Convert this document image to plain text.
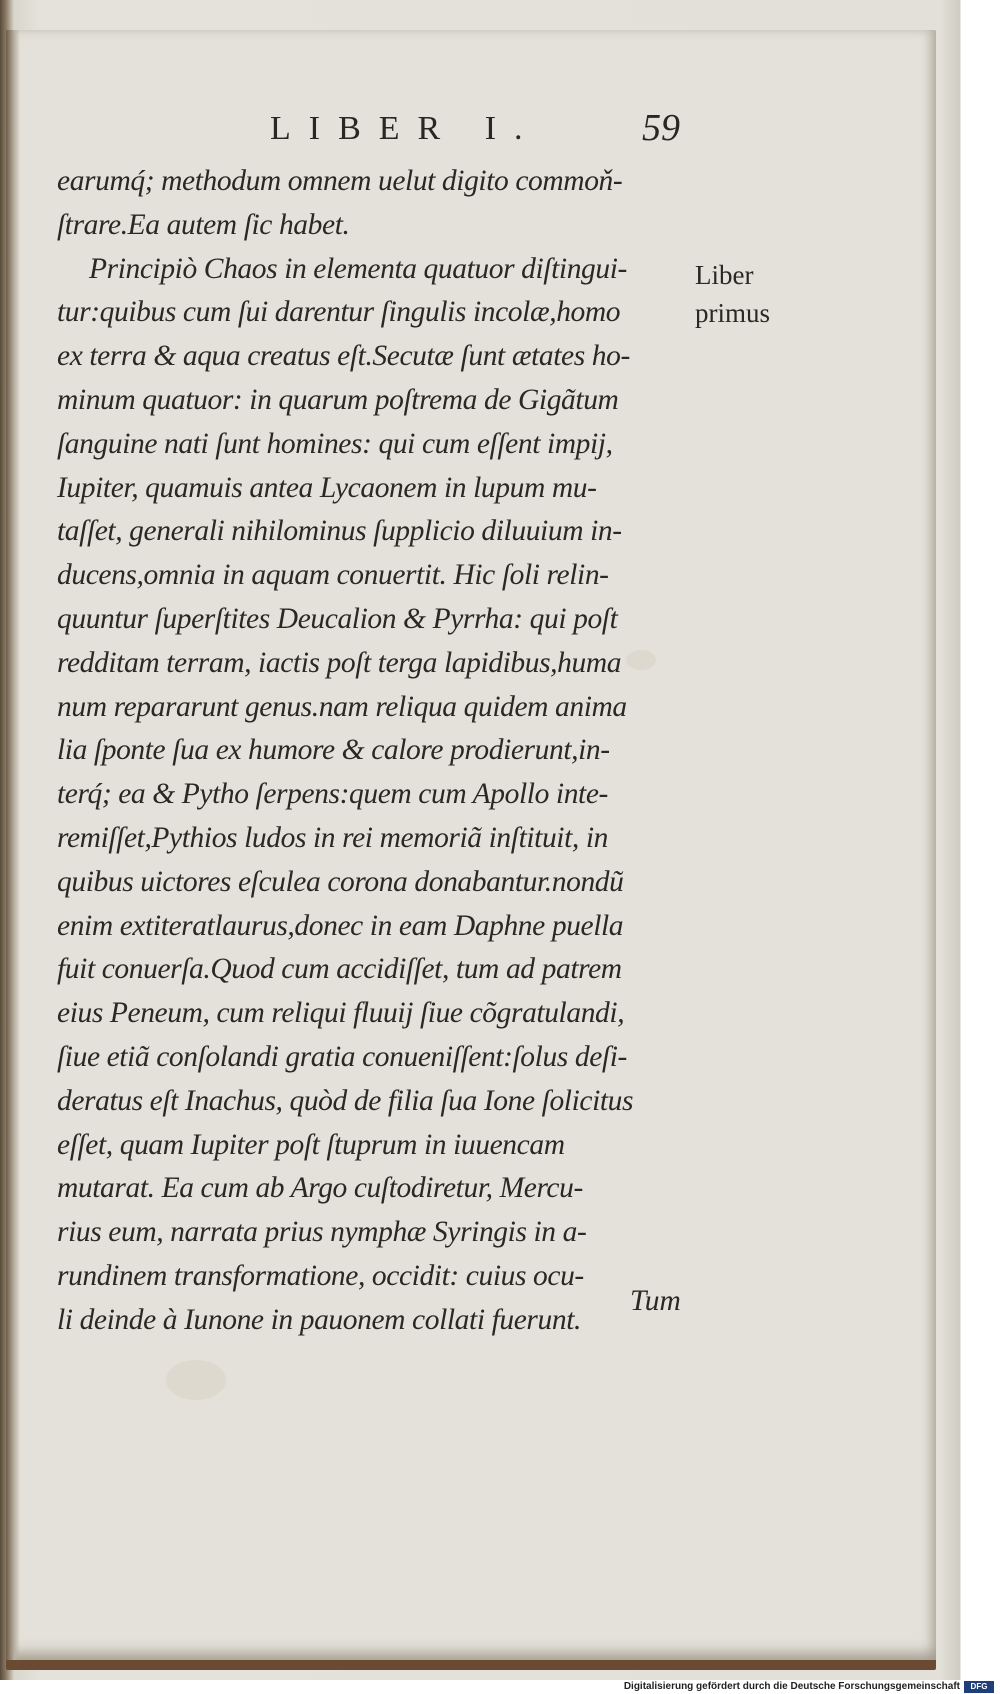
LIBER I.	59
earumq́; methodum omnem uelut digito commoň-
ſtrare.Ea autem ſic habet.
Principiò Chaos in elementa quatuor diſtingui-
tur:quibus cum ſui darentur ſingulis incolæ,homo
ex terra & aqua creatus eſt.Secutæ ſunt ætates ho-
minum quatuor: in quarum poſtrema de Gigãtum
ſanguine nati ſunt homines: qui cum eſſent impij,
Iupiter, quamuis antea Lycaonem in lupum mu-
taſſet, generali nihilominus ſupplicio diluuium in-
ducens,omnia in aquam conuertit. Hic ſoli relin-
quuntur ſuperſtites Deucalion & Pyrrha: qui poſt
redditam terram, iactis poſt terga lapidibus,huma
num repararunt genus.nam reliqua quidem anima
lia ſponte ſua ex humore & calore prodierunt,in-
terq́; ea & Pytho ſerpens:quem cum Apollo inte-
remiſſet,Pythios ludos in rei memoriã inſtituit, in
quibus uictores eſculea corona donabantur.nondũ
enim extiteratlaurus,donec in eam Daphne puella
fuit conuerſa.Quod cum accidiſſet, tum ad patrem
eius Peneum, cum reliqui fluuij ſiue cõgratulandi,
ſiue etiã conſolandi gratia conueniſſent:ſolus deſi-
deratus eſt Inachus, quòd de filia ſua Ione ſolicitus
eſſet, quam Iupiter poſt ſtuprum in iuuencam
mutarat. Ea cum ab Argo cuſtodiretur, Mercu-
rius eum, narrata prius nymphæ Syringis in a-
rundinem transformatione, occidit: cuius ocu-
li deinde à Iunone in pauonem collati fuerunt.
Liber
primus
Tum
Digitalisierung gefördert durch die Deutsche Forschungsgemeinschaft	DFG
